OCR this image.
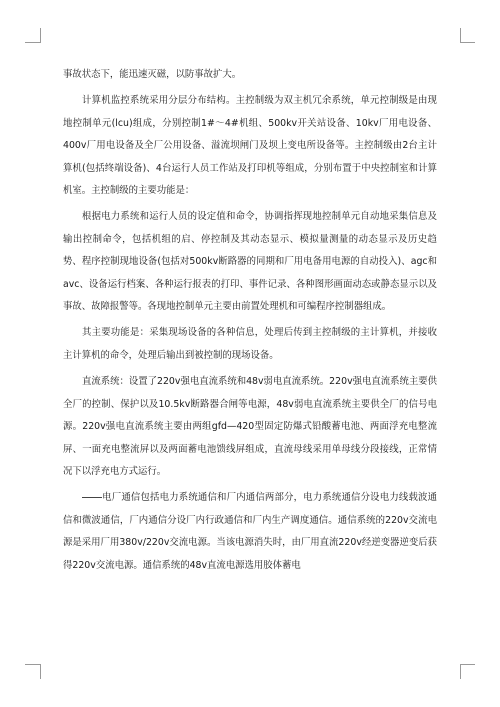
事故状态下，能迅速灭磁，以防事故扩大。

计算机监控系统采用分层分布结构。主控制级为双主机冗余系统，单元控制级是由现地控制单元(lcu)组成，分别控制1#～4#机组、500kv开关站设备、10kv厂用电设备、400v厂用电设备及全厂公用设备、溢流坝闸门及坝上变电所设备等。主控制级由2台主计算机(包括终端设备)、4台运行人员工作站及打印机等组成，分别布置于中央控制室和计算机室。主控制级的主要功能是：

根据电力系统和运行人员的设定值和命令，协调指挥现地控制单元自动地采集信息及输出控制命令，包括机组的启、停控制及其动态显示、模拟量测量的动态显示及历史趋势、程序控制现地设备(包括对500kv断路器的同期和厂用电备用电源的自动投入)、agc和avc、设备运行档案、各种运行报表的打印、事件记录、各种图形画面动态或静态显示以及事故、故障报警等。各现地控制单元主要由前置处理机和可编程序控制器组成。

其主要功能是：采集现场设备的各种信息，处理后传到主控制级的主计算机，并接收主计算机的命令，处理后输出到被控制的现场设备。

直流系统：设置了220v强电直流系统和48v弱电直流系统。220v强电直流系统主要供全厂的控制、保护以及10.5kv断路器合闸等电源，48v弱电直流系统主要供全厂的信号电源。220v强电直流系统主要由两组gfd—420型固定防爆式铅酸蓄电池、两面浮充电整流屏、一面充电整流屏以及两面蓄电池馈线屏组成，直流母线采用单母线分段接线，正常情况下以浮充电方式运行。

电厂通信包括电力系统通信和厂内通信两部分，电力系统通信分设电力线载波通信和微波通信，厂内通信分设厂内行政通信和厂内生产调度通信。通信系统的220v交流电源是采用厂用380v/220v交流电源。当该电源消失时，由厂用直流220v经逆变器逆变后获得220v交流电源。通信系统的48v直流电源选用胶体蓄电
